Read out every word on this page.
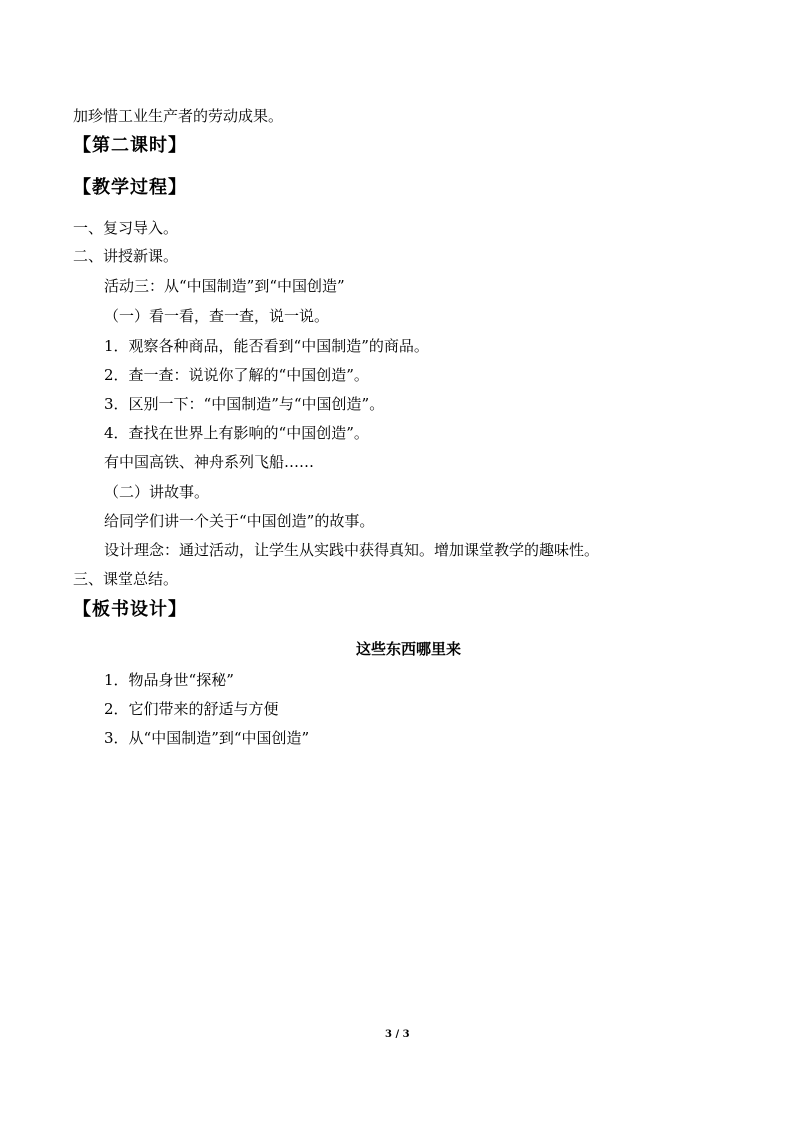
加珍惜工业生产者的劳动成果。
【第二课时】
【教学过程】
一、复习导入。
二、讲授新课。
活动三：从“中国制造”到“中国创造”
（一）看一看，查一查，说一说。
1．观察各种商品，能否看到“中国制造”的商品。
2．查一查：说说你了解的“中国创造”。
3．区别一下：“中国制造”与“中国创造”。
4．查找在世界上有影响的“中国创造”。
有中国高铁、神舟系列飞船……
（二）讲故事。
给同学们讲一个关于“中国创造”的故事。
设计理念：通过活动，让学生从实践中获得真知。增加课堂教学的趣味性。
三、课堂总结。
【板书设计】
这些东西哪里来
1．物品身世“探秘”
2．它们带来的舒适与方便
3．从“中国制造”到“中国创造”
3 / 3
